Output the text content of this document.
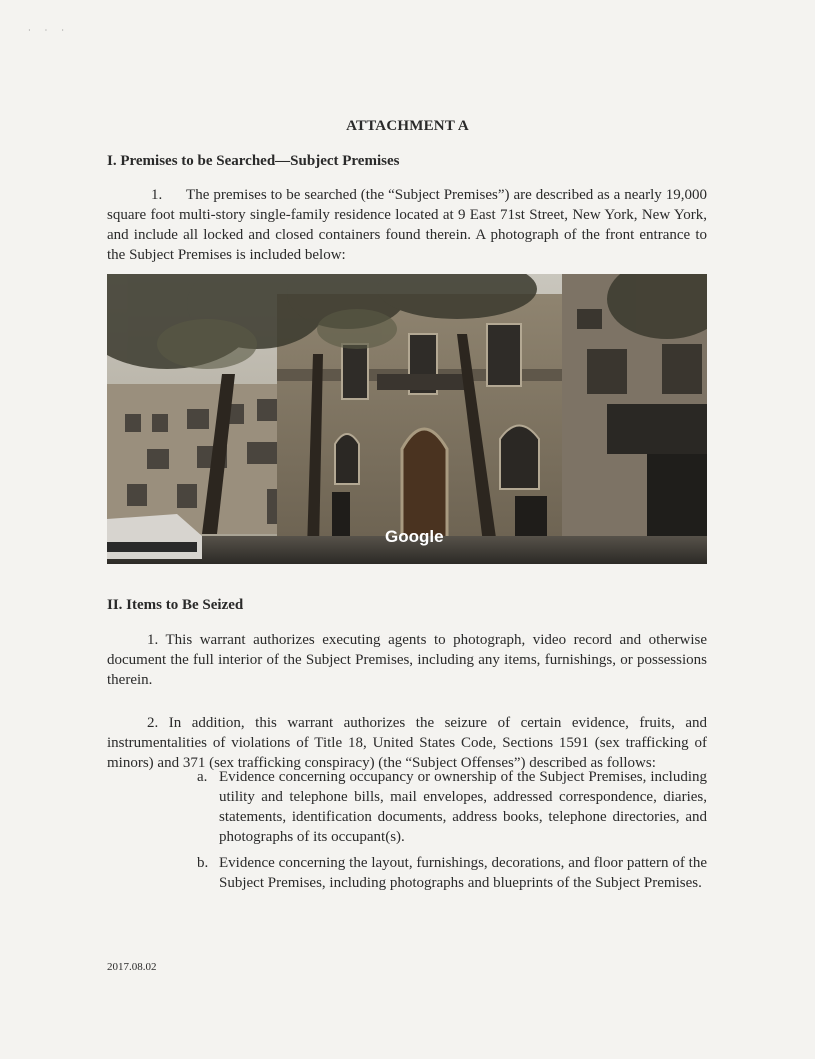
· · ·
ATTACHMENT A
I. Premises to be Searched—Subject Premises
1.      The premises to be searched (the “Subject Premises”) are described as a nearly 19,000 square foot multi-story single-family residence located at 9 East 71st Street, New York, New York, and include all locked and closed containers found therein. A photograph of the front entrance to the Subject Premises is included below:
Google
II. Items to Be Seized
1. This warrant authorizes executing agents to photograph, video record and otherwise document the full interior of the Subject Premises, including any items, furnishings, or possessions therein.
2. In addition, this warrant authorizes the seizure of certain evidence, fruits, and instrumentalities of violations of Title 18, United States Code, Sections 1591 (sex trafficking of minors) and 371 (sex trafficking conspiracy) (the “Subject Offenses”) described as follows:
a. Evidence concerning occupancy or ownership of the Subject Premises, including utility and telephone bills, mail envelopes, addressed correspondence, diaries, statements, identification documents, address books, telephone directories, and photographs of its occupant(s).
b. Evidence concerning the layout, furnishings, decorations, and floor pattern of the Subject Premises, including photographs and blueprints of the Subject Premises.
2017.08.02
